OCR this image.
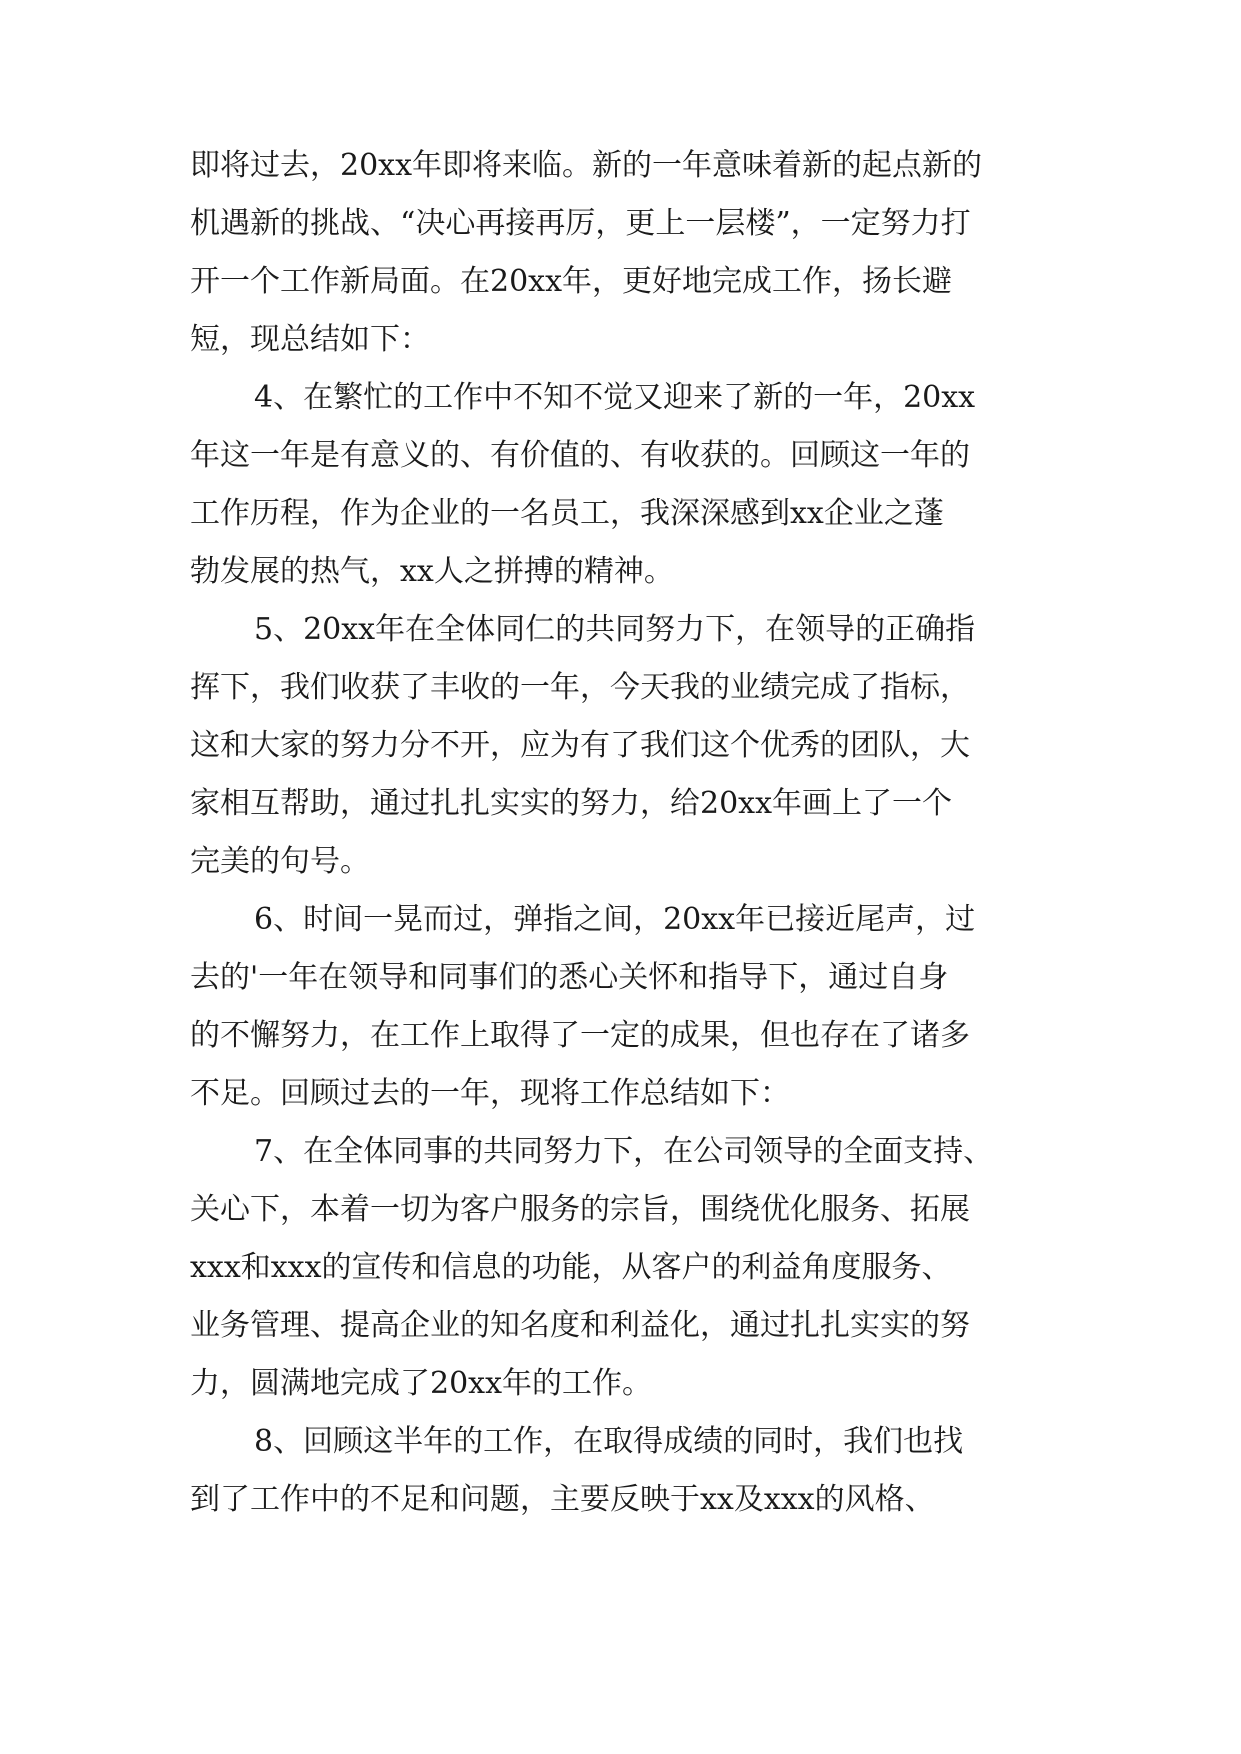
即将过去，20xx年即将来临。新的一年意味着新的起点新的
机遇新的挑战、“决心再接再厉，更上一层楼”，一定努力打
开一个工作新局面。在20xx年，更好地完成工作，扬长避
短，现总结如下：
4、在繁忙的工作中不知不觉又迎来了新的一年，20xx
年这一年是有意义的、有价值的、有收获的。回顾这一年的
工作历程，作为企业的一名员工，我深深感到xx企业之蓬
勃发展的热气，xx人之拼搏的精神。
5、20xx年在全体同仁的共同努力下，在领导的正确指
挥下，我们收获了丰收的一年，今天我的业绩完成了指标，
这和大家的努力分不开，应为有了我们这个优秀的团队，大
家相互帮助，通过扎扎实实的努力，给20xx年画上了一个
完美的句号。
6、时间一晃而过，弹指之间，20xx年已接近尾声，过
去的'一年在领导和同事们的悉心关怀和指导下，通过自身
的不懈努力，在工作上取得了一定的成果，但也存在了诸多
不足。回顾过去的一年，现将工作总结如下：
7、在全体同事的共同努力下，在公司领导的全面支持、
关心下，本着一切为客户服务的宗旨，围绕优化服务、拓展
xxx和xxx的宣传和信息的功能，从客户的利益角度服务、
业务管理、提高企业的知名度和利益化，通过扎扎实实的努
力，圆满地完成了20xx年的工作。
8、回顾这半年的工作，在取得成绩的同时，我们也找
到了工作中的不足和问题，主要反映于xx及xxx的风格、
